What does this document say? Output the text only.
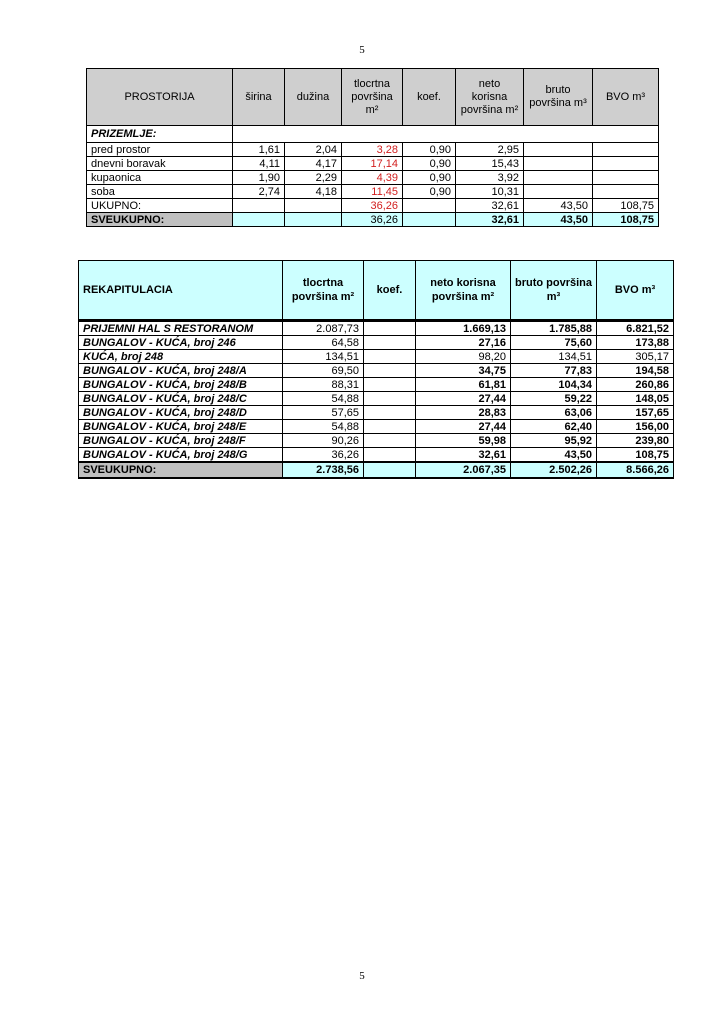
5
PROSTORIJA	širina	dužina	tlocrtna površina m²	koef.	neto korisna površina m²	bruto površina m³	BVO m³
PRIZEMLJE:							
pred prostor	1,61	2,04	3,28	0,90	2,95		
dnevni boravak	4,11	4,17	17,14	0,90	15,43		
kupaonica	1,90	2,29	4,39	0,90	3,92		
soba	2,74	4,18	11,45	0,90	10,31		
UKUPNO:			36,26		32,61	43,50	108,75
SVEUKUPNO:			36,26		32,61	43,50	108,75
REKAPITULACIA	tlocrtna površina m²	koef.	neto korisna površina m²	bruto površina m³	BVO m³
PRIJEMNI HAL S RESTORANOM	2.087,73		1.669,13	1.785,88	6.821,52
BUNGALOV - KUĆA, broj 246	64,58		27,16	75,60	173,88
KUĆA, broj 248	134,51		98,20	134,51	305,17
BUNGALOV - KUĆA, broj 248/A	69,50		34,75	77,83	194,58
BUNGALOV - KUĆA, broj 248/B	88,31		61,81	104,34	260,86
BUNGALOV - KUĆA, broj 248/C	54,88		27,44	59,22	148,05
BUNGALOV - KUĆA, broj 248/D	57,65		28,83	63,06	157,65
BUNGALOV - KUĆA, broj 248/E	54,88		27,44	62,40	156,00
BUNGALOV - KUĆA, broj 248/F	90,26		59,98	95,92	239,80
BUNGALOV - KUĆA, broj 248/G	36,26		32,61	43,50	108,75
SVEUKUPNO:	2.738,56		2.067,35	2.502,26	8.566,26
5
